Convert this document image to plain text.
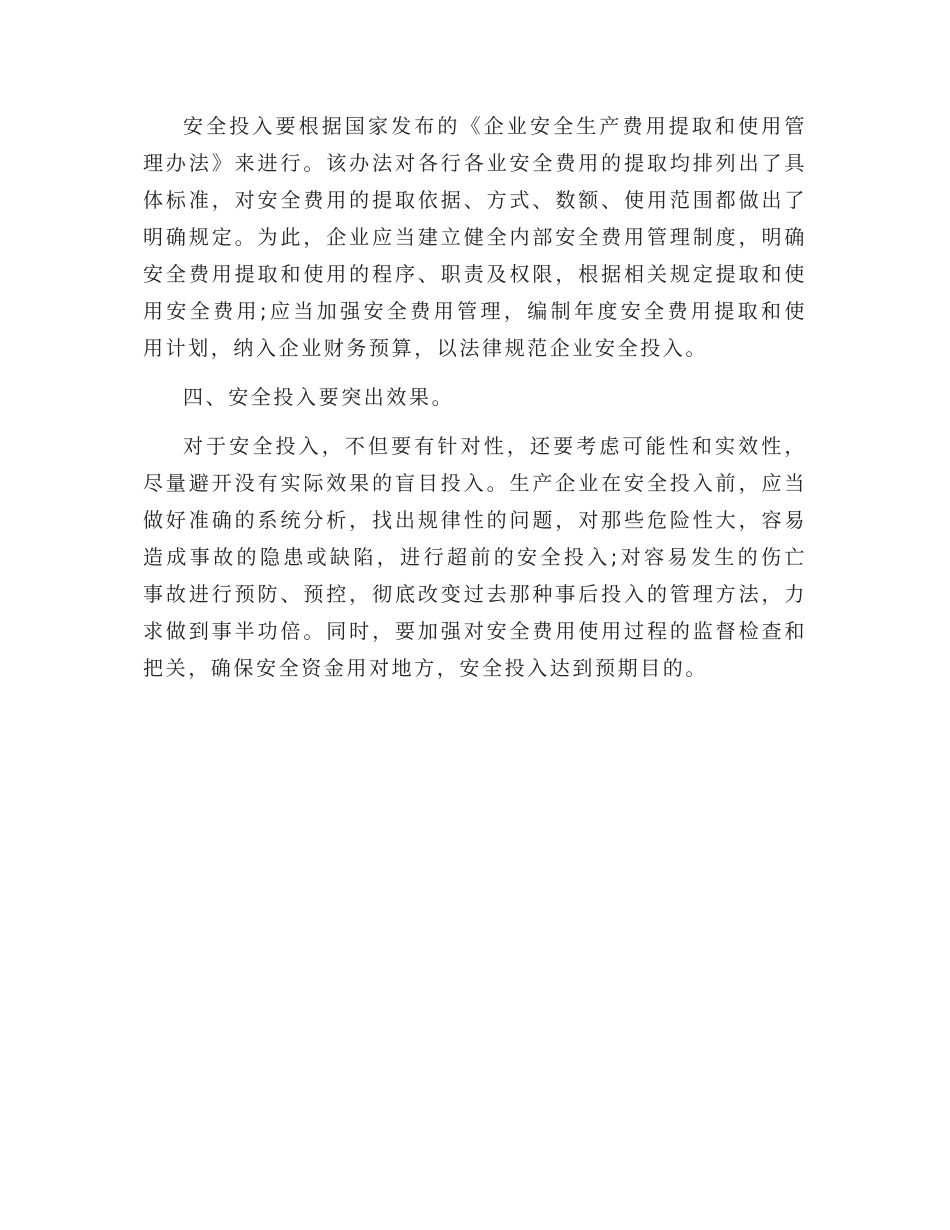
安全投入要根据国家发布的《企业安全生产费用提取和使用管理办法》来进行。该办法对各行各业安全费用的提取均排列出了具体标准，对安全费用的提取依据、方式、数额、使用范围都做出了明确规定。为此，企业应当建立健全内部安全费用管理制度，明确安全费用提取和使用的程序、职责及权限，根据相关规定提取和使用安全费用;应当加强安全费用管理，编制年度安全费用提取和使用计划，纳入企业财务预算，以法律规范企业安全投入。

四、安全投入要突出效果。

对于安全投入，不但要有针对性，还要考虑可能性和实效性，尽量避开没有实际效果的盲目投入。生产企业在安全投入前，应当做好准确的系统分析，找出规律性的问题，对那些危险性大，容易造成事故的隐患或缺陷，进行超前的安全投入;对容易发生的伤亡事故进行预防、预控，彻底改变过去那种事后投入的管理方法，力求做到事半功倍。同时，要加强对安全费用使用过程的监督检查和把关，确保安全资金用对地方，安全投入达到预期目的。
